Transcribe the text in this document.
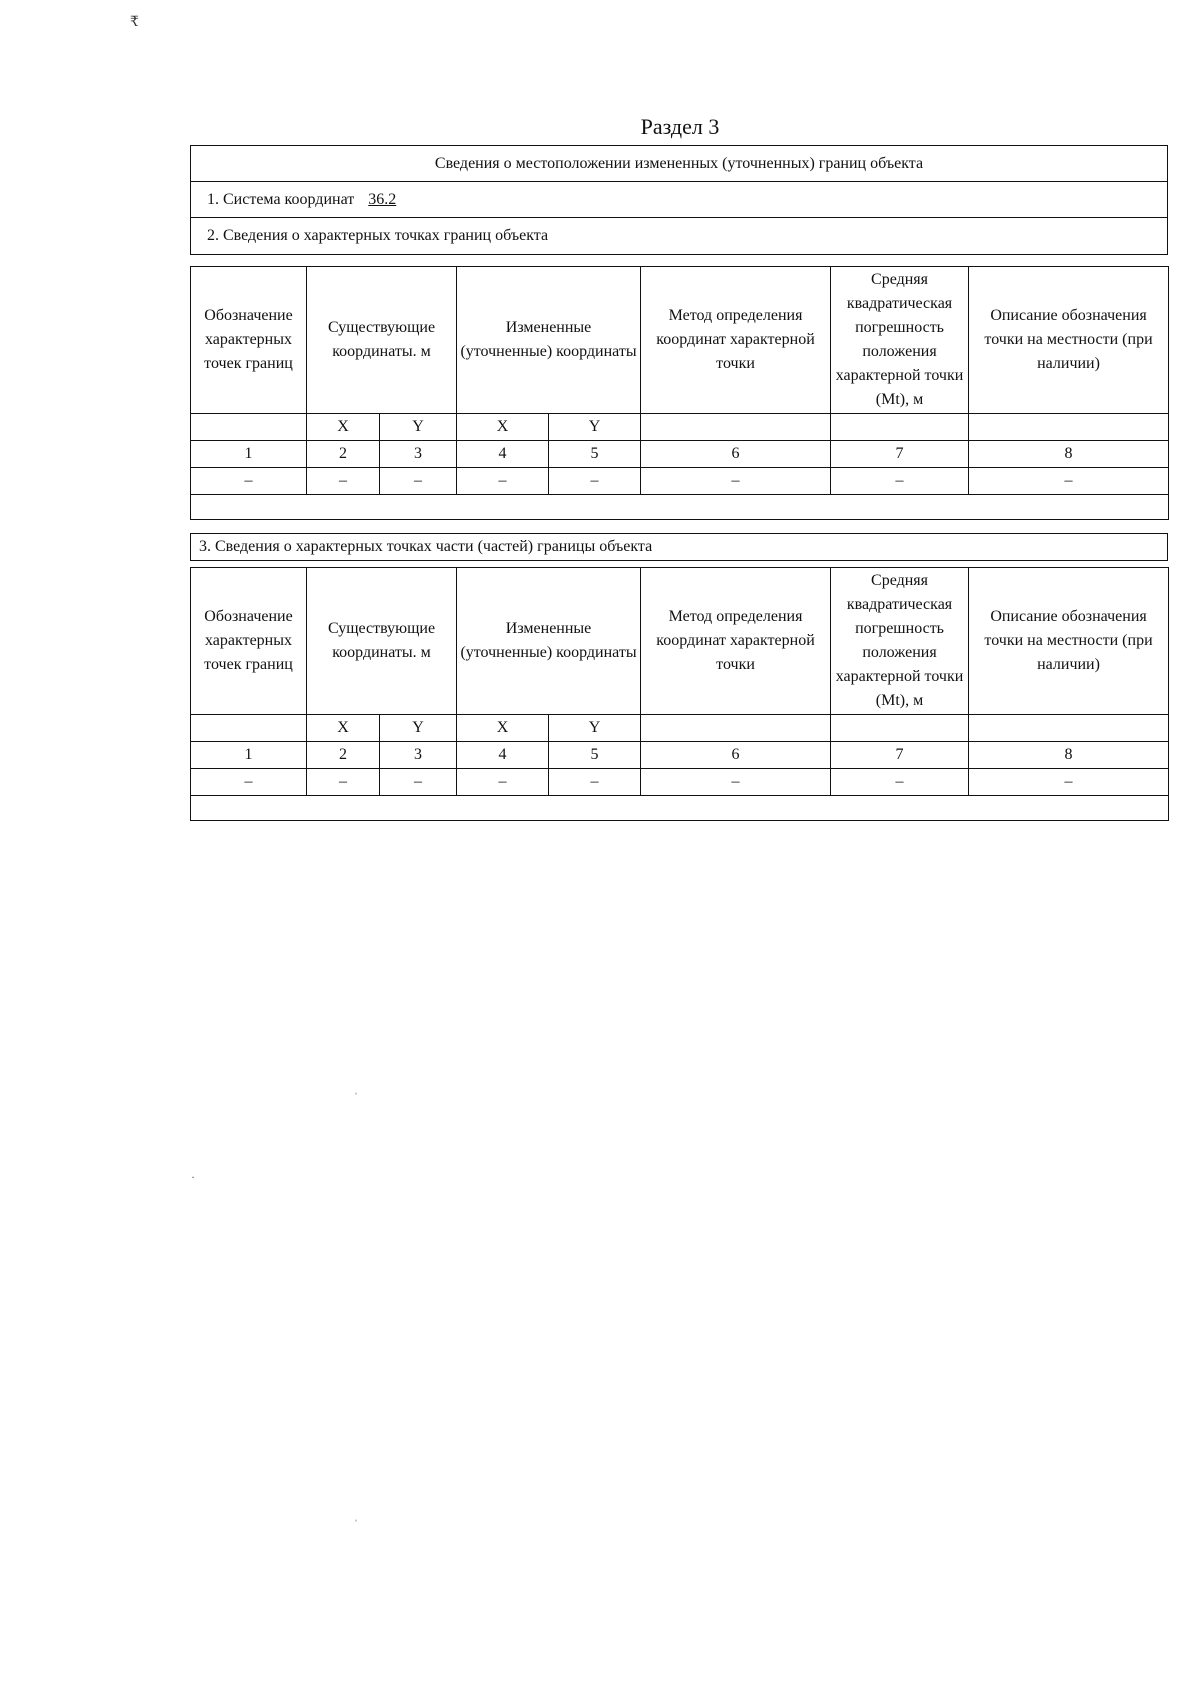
₹
Раздел 3
Сведения о местоположении измененных (уточненных) границ объекта
1. Система координат 36.2
2. Сведения о характерных точках границ объекта
Обозначение характерных точек границ	Существующие координаты. м		Измененные (уточненные) координаты		Метод определения координат характерной точки	Средняя квадратическая погрешность положения характерной точки (Mt), м	Описание обозначения точки на местности (при наличии)
	X	Y	X	Y			
1	2	3	4	5	6	7	8
–	–	–	–	–	–	–	–

3. Сведения о характерных точках части (частей) границы объекта
Обозначение характерных точек границ	Существующие координаты. м		Измененные (уточненные) координаты		Метод определения координат характерной точки	Средняя квадратическая погрешность положения характерной точки (Mt), м	Описание обозначения точки на местности (при наличии)
	X	Y	X	Y			
1	2	3	4	5	6	7	8
–	–	–	–	–	–	–	–

ˈ
·
ˈ
